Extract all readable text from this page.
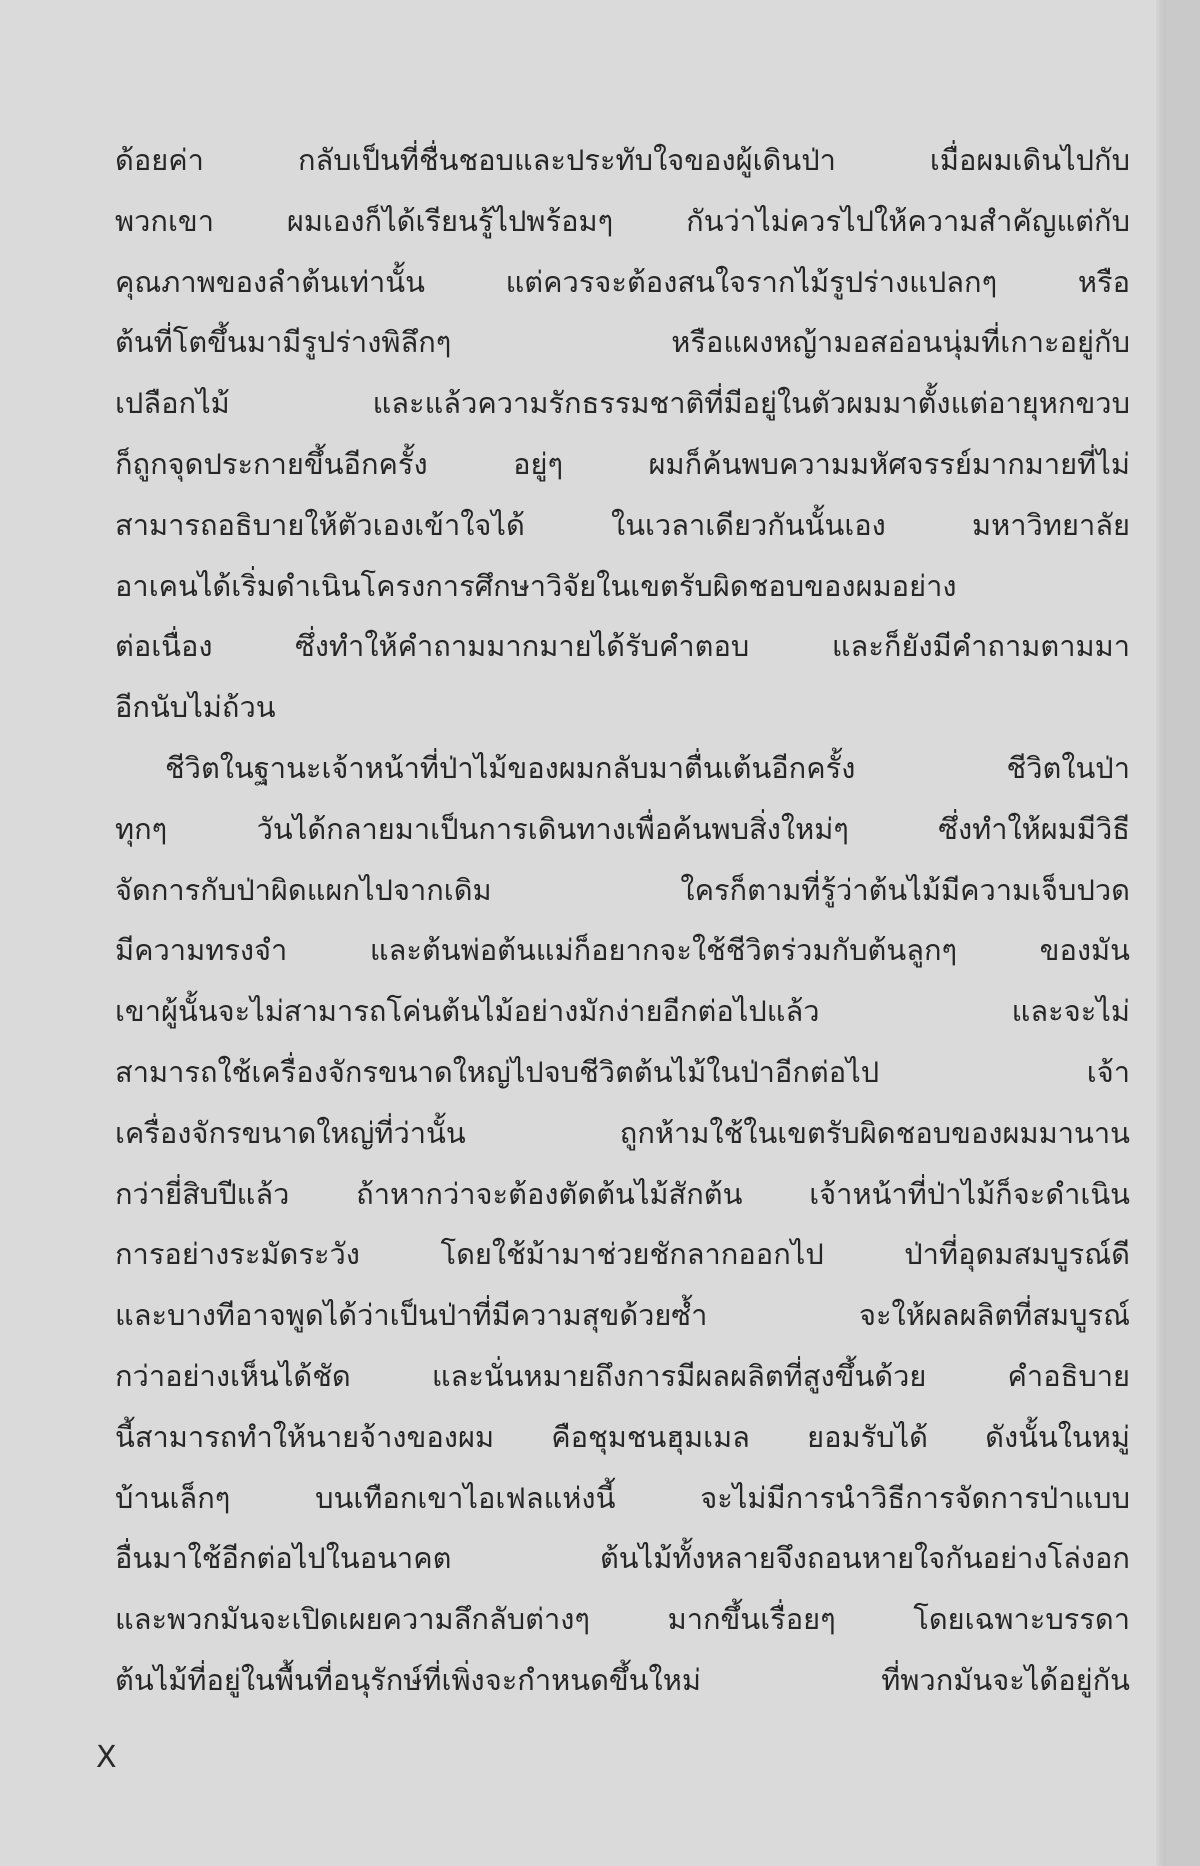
ด้อยค่า กลับเป็นที่ชื่นชอบและประทับใจของผู้เดินป่า เมื่อผมเดินไปกับ
พวกเขา ผมเองก็ได้เรียนรู้ไปพร้อมๆ กันว่าไม่ควรไปให้ความสำคัญแต่กับ
คุณภาพของลำต้นเท่านั้น แต่ควรจะต้องสนใจรากไม้รูปร่างแปลกๆ หรือ
ต้นที่โตขึ้นมามีรูปร่างพิลึกๆ หรือแผงหญ้ามอสอ่อนนุ่มที่เกาะอยู่กับ
เปลือกไม้ และแล้วความรักธรรมชาติที่มีอยู่ในตัวผมมาตั้งแต่อายุหกขวบ
ก็ถูกจุดประกายขึ้นอีกครั้ง อยู่ๆ ผมก็ค้นพบความมหัศจรรย์มากมายที่ไม่
สามารถอธิบายให้ตัวเองเข้าใจได้ ในเวลาเดียวกันนั้นเอง มหาวิทยาลัย
อาเคนได้เริ่มดำเนินโครงการศึกษาวิจัยในเขตรับผิดชอบของผมอย่าง
ต่อเนื่อง ซึ่งทำให้คำถามมากมายได้รับคำตอบ และก็ยังมีคำถามตามมา
อีกนับไม่ถ้วน
ชีวิตในฐานะเจ้าหน้าที่ป่าไม้ของผมกลับมาตื่นเต้นอีกครั้ง ชีวิตในป่า
ทุกๆ วันได้กลายมาเป็นการเดินทางเพื่อค้นพบสิ่งใหม่ๆ ซึ่งทำให้ผมมีวิธี
จัดการกับป่าผิดแผกไปจากเดิม ใครก็ตามที่รู้ว่าต้นไม้มีความเจ็บปวด
มีความทรงจำ และต้นพ่อต้นแม่ก็อยากจะใช้ชีวิตร่วมกับต้นลูกๆ ของมัน
เขาผู้นั้นจะไม่สามารถโค่นต้นไม้อย่างมักง่ายอีกต่อไปแล้ว และจะไม่
สามารถใช้เครื่องจักรขนาดใหญ่ไปจบชีวิตต้นไม้ในป่าอีกต่อไป เจ้า
เครื่องจักรขนาดใหญ่ที่ว่านั้น ถูกห้ามใช้ในเขตรับผิดชอบของผมมานาน
กว่ายี่สิบปีแล้ว ถ้าหากว่าจะต้องตัดต้นไม้สักต้น เจ้าหน้าที่ป่าไม้ก็จะดำเนิน
การอย่างระมัดระวัง โดยใช้ม้ามาช่วยชักลากออกไป ป่าที่อุดมสมบูรณ์ดี
และบางทีอาจพูดได้ว่าเป็นป่าที่มีความสุขด้วยซ้ำ จะให้ผลผลิตที่สมบูรณ์
กว่าอย่างเห็นได้ชัด และนั่นหมายถึงการมีผลผลิตที่สูงขึ้นด้วย คำอธิบาย
นี้สามารถทำให้นายจ้างของผม คือชุมชนฮุมเมล ยอมรับได้ ดังนั้นในหมู่
บ้านเล็กๆ บนเทือกเขาไอเฟลแห่งนี้ จะไม่มีการนำวิธีการจัดการป่าแบบ
อื่นมาใช้อีกต่อไปในอนาคต ต้นไม้ทั้งหลายจึงถอนหายใจกันอย่างโล่งอก
และพวกมันจะเปิดเผยความลึกลับต่างๆ มากขึ้นเรื่อยๆ โดยเฉพาะบรรดา
ต้นไม้ที่อยู่ในพื้นที่อนุรักษ์ที่เพิ่งจะกำหนดขึ้นใหม่ ที่พวกมันจะได้อยู่กัน
X
